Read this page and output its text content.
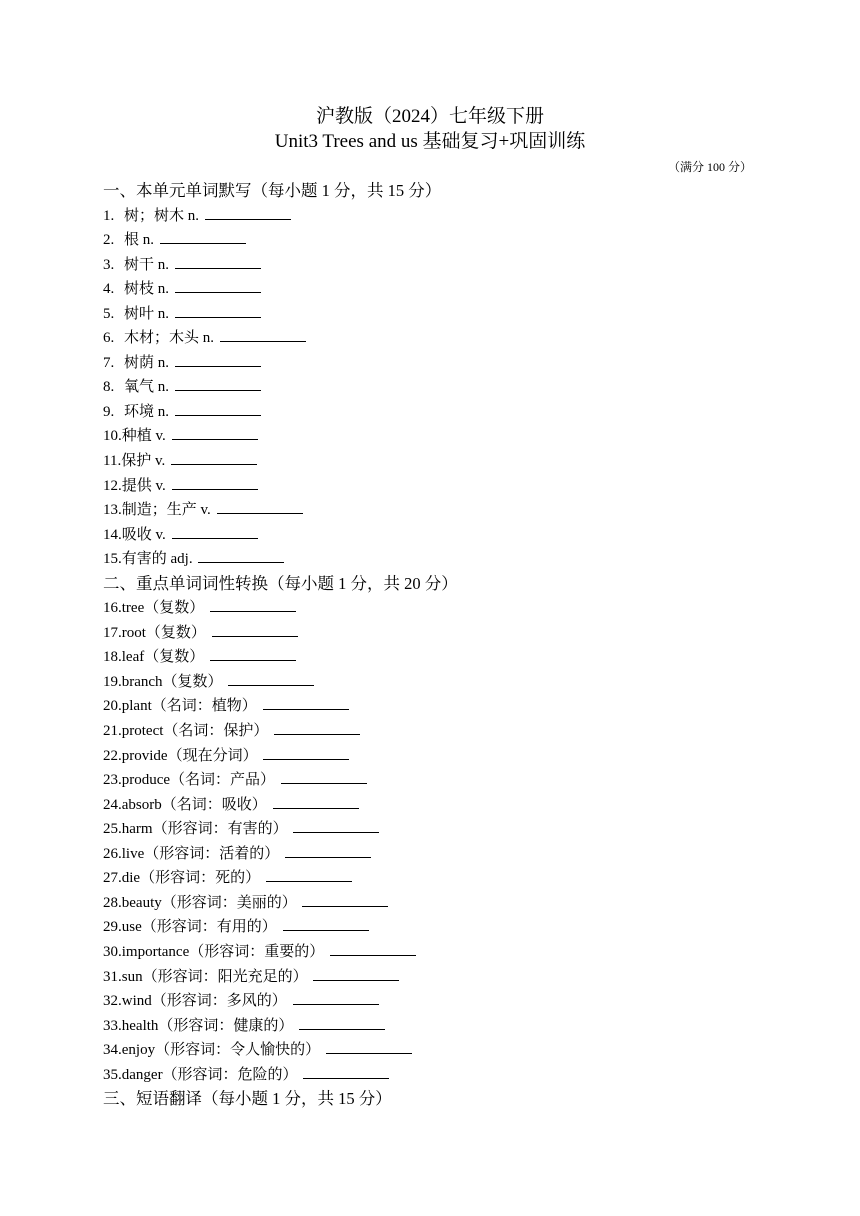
沪教版（2024）七年级下册
Unit3 Trees and us 基础复习+巩固训练
（满分 100 分）
一、本单元单词默写（每小题 1 分，共 15 分）
1. 树；树木 n.
2. 根 n.
3. 树干 n.
4. 树枝 n.
5. 树叶 n.
6. 木材；木头 n.
7. 树荫 n.
8. 氧气 n.
9. 环境 n.
10.种植 v.
11.保护 v.
12.提供 v.
13.制造；生产 v.
14.吸收 v.
15.有害的 adj.
二、重点单词词性转换（每小题 1 分，共 20 分）
16.tree（复数）
17.root（复数）
18.leaf（复数）
19.branch（复数）
20.plant（名词：植物）
21.protect（名词：保护）
22.provide（现在分词）
23.produce（名词：产品）
24.absorb（名词：吸收）
25.harm（形容词：有害的）
26.live（形容词：活着的）
27.die（形容词：死的）
28.beauty（形容词：美丽的）
29.use（形容词：有用的）
30.importance（形容词：重要的）
31.sun（形容词：阳光充足的）
32.wind（形容词：多风的）
33.health（形容词：健康的）
34.enjoy（形容词：令人愉快的）
35.danger（形容词：危险的）
三、短语翻译（每小题 1 分，共 15 分）
